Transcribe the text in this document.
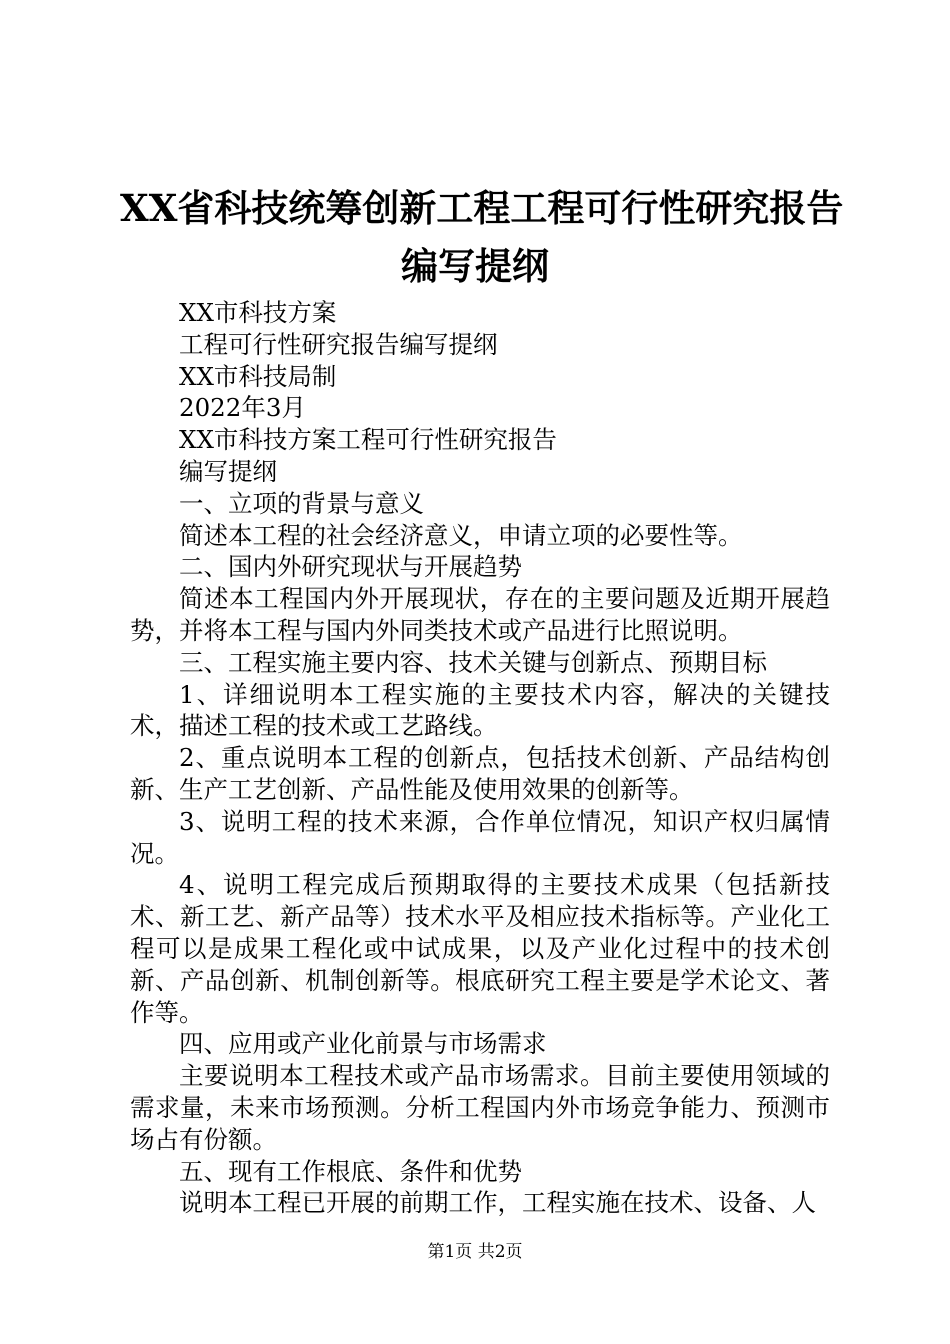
XX省科技统筹创新工程工程可行性研究报告
编写提纲

XX市科技方案

工程可行性研究报告编写提纲

XX市科技局制

2022年3月

XX市科技方案工程可行性研究报告

编写提纲

一、立项的背景与意义

简述本工程的社会经济意义，申请立项的必要性等。

二、国内外研究现状与开展趋势

简述本工程国内外开展现状，存在的主要问题及近期开展趋势，并将本工程与国内外同类技术或产品进行比照说明。

三、工程实施主要内容、技术关键与创新点、预期目标

1、详细说明本工程实施的主要技术内容，解决的关键技术，描述工程的技术或工艺路线。

2、重点说明本工程的创新点，包括技术创新、产品结构创新、生产工艺创新、产品性能及使用效果的创新等。

3、说明工程的技术来源，合作单位情况，知识产权归属情况。

4、说明工程完成后预期取得的主要技术成果（包括新技术、新工艺、新产品等）技术水平及相应技术指标等。产业化工程可以是成果工程化或中试成果，以及产业化过程中的技术创新、产品创新、机制创新等。根底研究工程主要是学术论文、著作等。

四、应用或产业化前景与市场需求

主要说明本工程技术或产品市场需求。目前主要使用领域的需求量，未来市场预测。分析工程国内外市场竞争能力、预测市场占有份额。

五、现有工作根底、条件和优势

说明本工程已开展的前期工作，工程实施在技术、设备、人

第1页 共2页
